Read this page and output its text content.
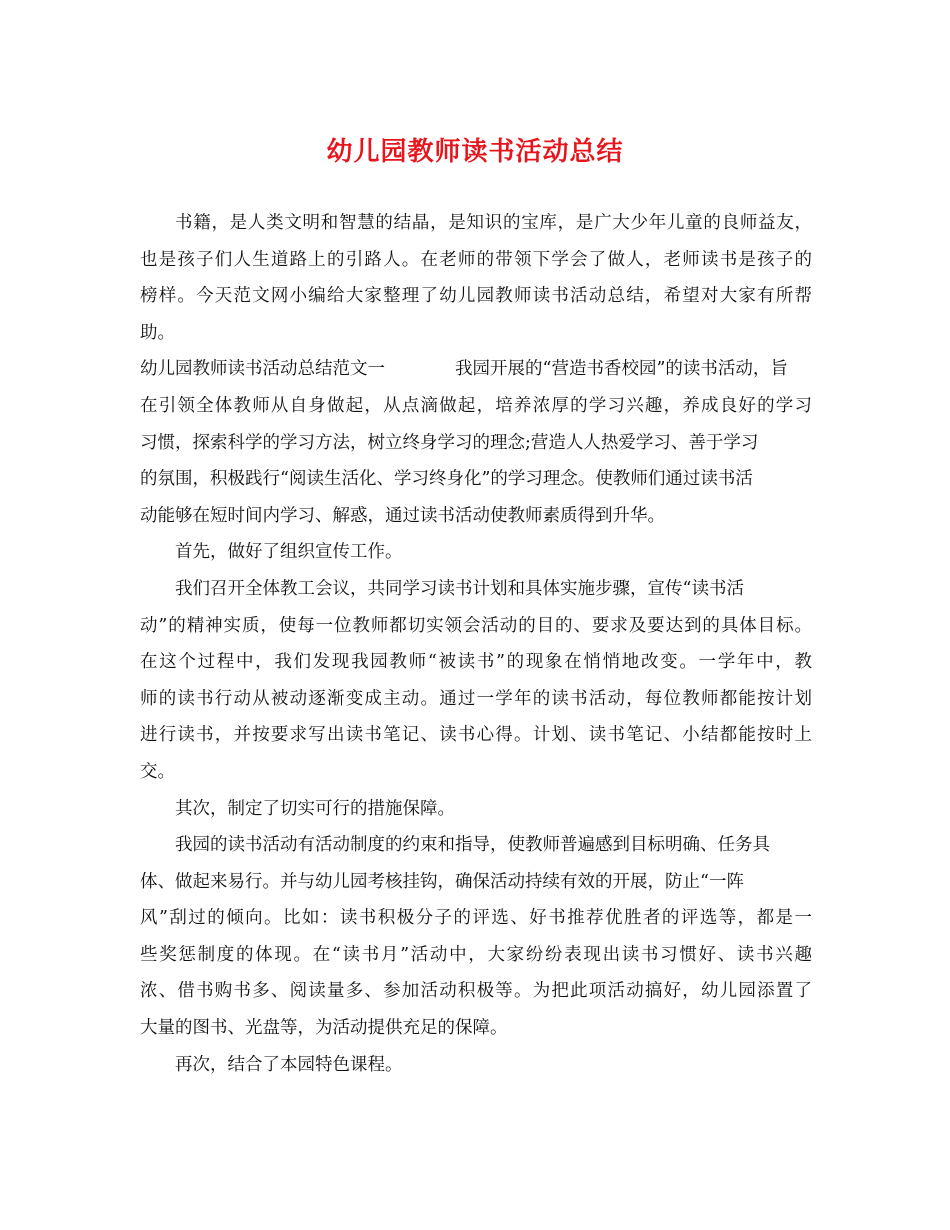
幼儿园教师读书活动总结
书籍，是人类文明和智慧的结晶，是知识的宝库，是广大少年儿童的良师益友，
也是孩子们人生道路上的引路人。在老师的带领下学会了做人，老师读书是孩子的
榜样。今天范文网小编给大家整理了幼儿园教师读书活动总结，希望对大家有所帮
助。
幼儿园教师读书活动总结范文一	我园开展的“营造书香校园”的读书活动，旨
在引领全体教师从自身做起，从点滴做起，培养浓厚的学习兴趣，养成良好的学习
习惯，探索科学的学习方法，树立终身学习的理念;营造人人热爱学习、善于学习
的氛围，积极践行“阅读生活化、学习终身化”的学习理念。使教师们通过读书活
动能够在短时间内学习、解惑，通过读书活动使教师素质得到升华。
首先，做好了组织宣传工作。
我们召开全体教工会议，共同学习读书计划和具体实施步骤，宣传“读书活
动”的精神实质，使每一位教师都切实领会活动的目的、要求及要达到的具体目标。
在这个过程中，我们发现我园教师“被读书”的现象在悄悄地改变。一学年中，教
师的读书行动从被动逐渐变成主动。通过一学年的读书活动，每位教师都能按计划
进行读书，并按要求写出读书笔记、读书心得。计划、读书笔记、小结都能按时上
交。
其次，制定了切实可行的措施保障。
我园的读书活动有活动制度的约束和指导，使教师普遍感到目标明确、任务具
体、做起来易行。并与幼儿园考核挂钩，确保活动持续有效的开展，防止“一阵
风”刮过的倾向。比如：读书积极分子的评选、好书推荐优胜者的评选等，都是一
些奖惩制度的体现。在“读书月”活动中，大家纷纷表现出读书习惯好、读书兴趣
浓、借书购书多、阅读量多、参加活动积极等。为把此项活动搞好，幼儿园添置了
大量的图书、光盘等，为活动提供充足的保障。
再次，结合了本园特色课程。
